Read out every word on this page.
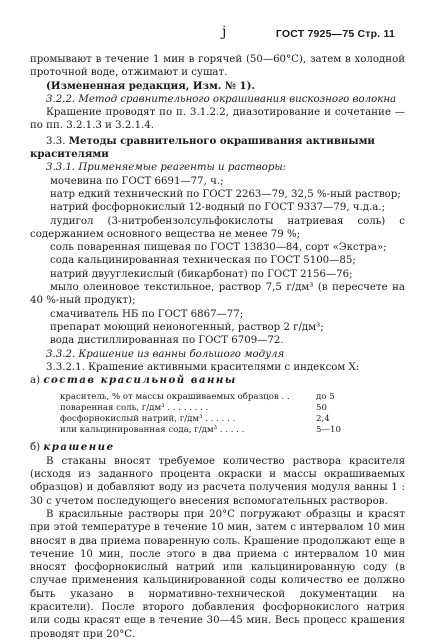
j	ГОСТ 7925—75 Стр. 11

промывают в течение 1 мин в горячей (50—60°С), затем в холодной проточной воде, отжимают и сушат.

(Измененная редакция, Изм. № 1).

3.2.2. Метод сравнительного окрашивания вискозного волокна

Крашение проводят по п. 3.1.2.2, диазотирование и сочетание — по пп. 3.2.1.3 и 3.2.1.4.

3.3. Методы сравнительного окрашивания активными красителями

3.3.1. Применяемые реагенты и растворы:

мочевина по ГОСТ 6691—77, ч.;

натр едкий технический по ГОСТ 2263—79, 32,5 %-ный раствор;

натрий фосфорнокислый 12-водный по ГОСТ 9337—79, ч.д.а.;

лудигол (3-нитробензолсульфокислоты натриевая соль) с содержанием основного вещества не менее 79 %;

соль поваренная пищевая по ГОСТ 13830—84, сорт «Экстра»;

сода кальцинированная техническая по ГОСТ 5100—85;

натрий двууглекислый (бикарбонат) по ГОСТ 2156—76;

мыло олеиновое текстильное, раствор 7,5 г/дм³ (в пересчете на 40 %-ный продукт);

смачиватель НБ по ГОСТ 6867—77;

препарат моющий неионогенный, раствор 2 г/дм³;

вода дистиллированная по ГОСТ 6709—72.

3.3.2. Крашение из ванны большого модуля

3.3.2.1. Крашение активными красителями с индексом X:

а) состав красильной ванны

краситель, % от массы окрашиваемых образцов . .	до 5
поваренная соль, г/дм³ . . . . . . . .	50
фосфорнокислый натрий, г/дм³ . . . . . .	2,4
или кальцинированная сода, г/дм³ . . . . .	5—10

б) крашение

В стаканы вносят требуемое количество раствора красителя (исходя из заданного процента окраски и массы окрашиваемых образцов) и добавляют воду из расчета получения модуля ванны 1 : 30 с учетом последующего внесения вспомогательных растворов.

В красильные растворы при 20°С погружают образцы и красят при этой температуре в течение 10 мин, затем с интервалом 10 мин вносят в два приема поваренную соль. Крашение продолжают еще в течение 10 мин, после этого в два приема с интервалом 10 мин вносят фосфорнокислый натрий или кальцинированную соду (в случае применения кальцинированной соды количество ее должно быть указано в нормативно-технической документации на красители). После второго добавления фосфорнокислого натрия или соды красят еще в течение 30—45 мин. Весь процесс крашения проводят при 20°С.
